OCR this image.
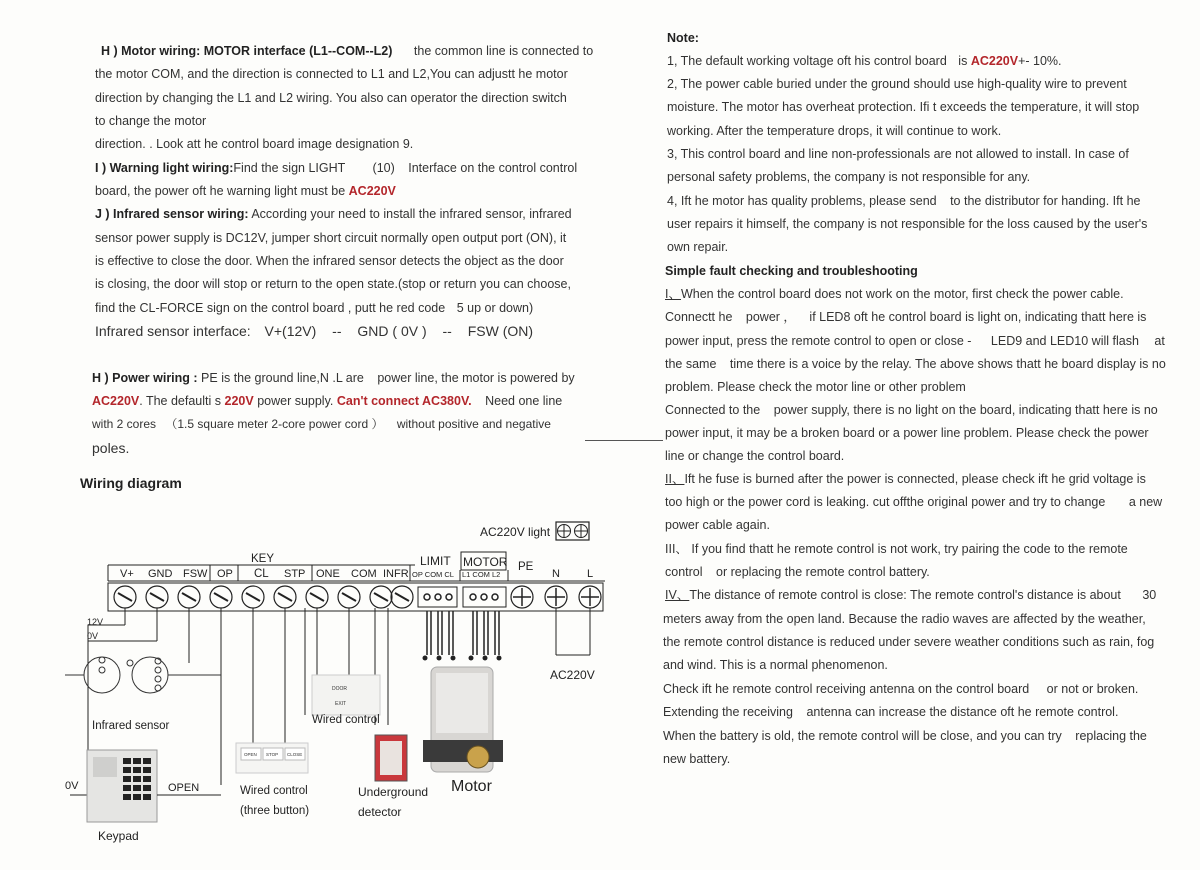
H ) Motor wiring: MOTOR interface (L1--COM--L2) the common line is connected to
the motor COM, and the direction is connected to L1 and L2,You can adjustt he motor
direction by changing the L1 and L2 wiring. You also can operator the direction switch
to change the motor
direction. . Look att he control board image designation 9.
I ) Warning light wiring:Find the sign LIGHT (10) Interface on the control control
board, the power oft he warning light must be AC220V
J ) Infrared sensor wiring: According your need to install the infrared sensor, infrared
sensor power supply is DC12V, jumper short circuit normally open output port (ON), it
is effective to close the door. When the infrared sensor detects the object as the door
is closing, the door will stop or return to the open state.(stop or return you can choose,
find the CL-FORCE sign on the control board , putt he red code 5 up or down)
Infrared sensor interface: V+(12V) -- GND ( 0V ) -- FSW (ON)
H ) Power wiring : PE is the ground line,N .L are power line, the motor is powered by
AC220V. The defaulti s 220V power supply. Can't connect AC380V. Need one line
with 2 cores （1.5 square meter 2-core power cord ） without positive and negative
poles.
Wiring diagram
AC220V light
KEY
CL
LIMIT MOTOR PE
V+ GND FSW OP	STP ONE COM INFR OP COM CL L1 COM L2	N L
AC220V
12V
0V
0V
Infrared sensor
DOOR
EXIT
Wired control
OPEN STOP CLOSE
Wired control
(three button)
Underground
detector
Motor
OPEN
Keypad
Note:
1, The default working voltage oft his control board is AC220V+- 10%.
2, The power cable buried under the ground should use high-quality wire to prevent
moisture. The motor has overheat protection. Ifi t exceeds the temperature, it will stop
working. After the temperature drops, it will continue to work.
3, This control board and line non-professionals are not allowed to install. In case of
personal safety problems, the company is not responsible for any.
4, Ift he motor has quality problems, please send to the distributor for handing. Ift he
user repairs it himself, the company is not responsible for the loss caused by the user's
own repair.
Simple fault checking and troubleshooting
I、When the control board does not work on the motor, first check the power cable.
Connectt he power ， if LED8 oft he control board is light on, indicating thatt here is
power input, press the remote control to open or close - LED9 and LED10 will flash at
the same time there is a voice by the relay. The above shows thatt he board display is no
problem. Please check the motor line or other problem
Connected to the power supply, there is no light on the board, indicating thatt here is no
power input, it may be a broken board or a power line problem. Please check the power
line or change the control board.
II、Ift he fuse is burned after the power is connected, please check ift he grid voltage is
too high or the power cord is leaking. cut offthe original power and try to change a new
power cable again.
III、 If you find thatt he remote control is not work, try pairing the code to the remote
control or replacing the remote control battery.
IV、The distance of remote control is close: The remote control's distance is about 30
meters away from the open land. Because the radio waves are affected by the weather,
the remote control distance is reduced under severe weather conditions such as rain, fog
and wind. This is a normal phenomenon.
Check ift he remote control receiving antenna on the control board or not or broken.
Extending the receiving antenna can increase the distance oft he remote control.
When the battery is old, the remote control will be close, and you can try replacing the
new battery.
